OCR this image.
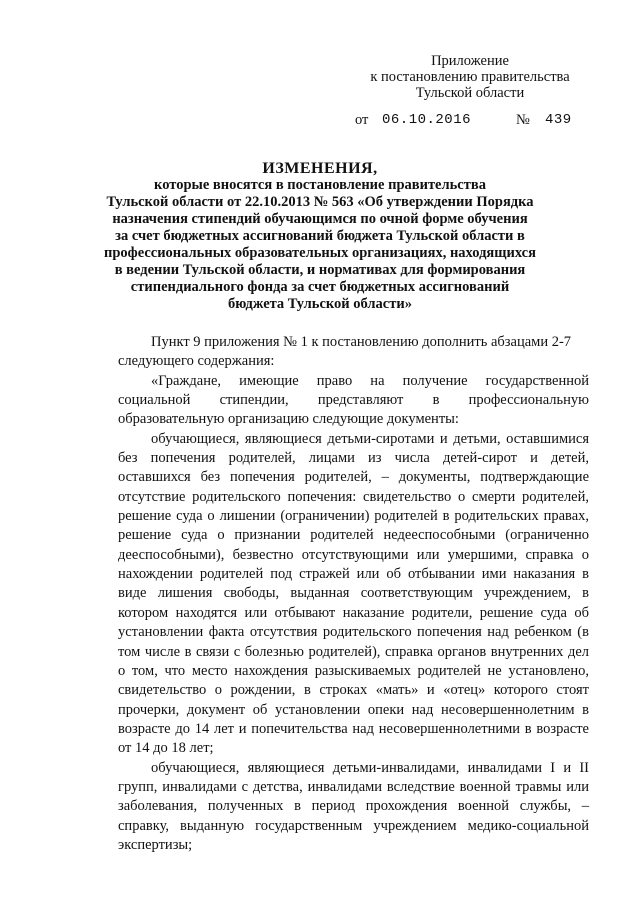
Приложение
к постановлению правительства
Тульской области
от 06.10.2016	№ 439
ИЗМЕНЕНИЯ,
которые вносятся в постановление правительства
Тульской области от 22.10.2013 № 563 «Об утверждении Порядка
назначения стипендий обучающимся по очной форме обучения
за счет бюджетных ассигнований бюджета Тульской области в
профессиональных образовательных организациях, находящихся
в ведении Тульской области, и нормативах для формирования
стипендиального фонда за счет бюджетных ассигнований
бюджета Тульской области»

Пункт 9 приложения № 1 к постановлению дополнить абзацами 2-7

следующего содержания:

«Граждане, имеющие право на получение государственной социальной стипендии, представляют в профессиональную образовательную организацию следующие документы:

обучающиеся, являющиеся детьми-сиротами и детьми, оставшимися без попечения родителей, лицами из числа детей-сирот и детей, оставшихся без попечения родителей, – документы, подтверждающие отсутствие родительского попечения: свидетельство о смерти родителей, решение суда о лишении (ограничении) родителей в родительских правах, решение суда о признании родителей недееспособными (ограниченно дееспособными), безвестно отсутствующими или умершими, справка о нахождении родителей под стражей или об отбывании ими наказания в виде лишения свободы, выданная соответствующим учреждением, в котором находятся или отбывают наказание родители, решение суда об установлении факта отсутствия родительского попечения над ребенком (в том числе в связи с болезнью родителей), справка органов внутренних дел о том, что место нахождения разыскиваемых родителей не установлено, свидетельство о рождении, в строках «мать» и «отец» которого стоят прочерки, документ об установлении опеки над несовершеннолетним в возрасте до 14 лет и попечительства над несовершеннолетними в возрасте от 14 до 18 лет;

обучающиеся, являющиеся детьми-инвалидами, инвалидами I и II групп, инвалидами с детства, инвалидами вследствие военной травмы или заболевания, полученных в период прохождения военной службы, – справку, выданную государственным учреждением медико-социальной экспертизы;
